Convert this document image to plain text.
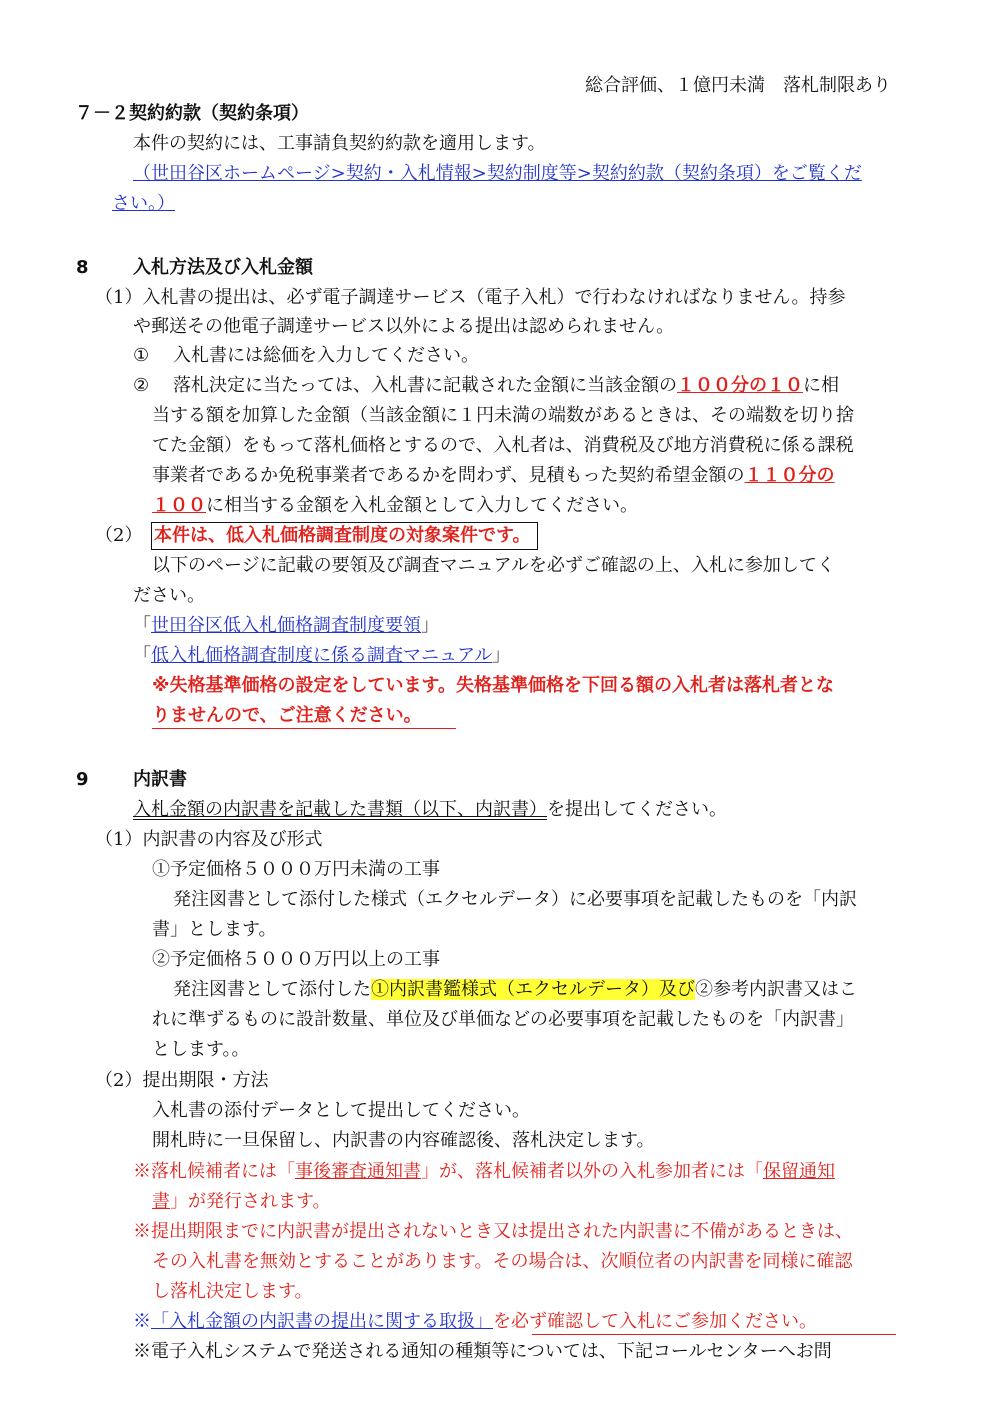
総合評価、１億円未満　落札制限あり
７－２契約約款（契約条項）
本件の契約には、工事請負契約約款を適用します。
（世田谷区ホームページ>契約・入札情報>契約制度等>契約約款（契約条項）をご覧くだ
さい。）
8 入札方法及び入札金額
（1）入札書の提出は、必ず電子調達サービス（電子入札）で行わなければなりません。持参
や郵送その他電子調達サービス以外による提出は認められません。
① 入札書には総価を入力してください。
② 落札決定に当たっては、入札書に記載された金額に当該金額の１００分の１０に相
当する額を加算した金額（当該金額に１円未満の端数があるときは、その端数を切り捨
てた金額）をもって落札価格とするので、入札者は、消費税及び地方消費税に係る課税
事業者であるか免税事業者であるかを問わず、見積もった契約希望金額の１１０分の
１００に相当する金額を入札金額として入力してください。
（2） 本件は、低入札価格調査制度の対象案件です。
以下のページに記載の要領及び調査マニュアルを必ずご確認の上、入札に参加してく
ださい。
「世田谷区低入札価格調査制度要領」
「低入札価格調査制度に係る調査マニュアル」
※失格基準価格の設定をしています。失格基準価格を下回る額の入札者は落札者とな
りませんので、ご注意ください。
9 内訳書
入札金額の内訳書を記載した書類（以下、内訳書）を提出してください。
（1）内訳書の内容及び形式
①予定価格５０００万円未満の工事
発注図書として添付した様式（エクセルデータ）に必要事項を記載したものを「内訳
書」とします。
②予定価格５０００万円以上の工事
発注図書として添付した①内訳書鑑様式（エクセルデータ）及び②参考内訳書又はこ
れに準ずるものに設計数量、単位及び単価などの必要事項を記載したものを「内訳書」
とします。。
（2）提出期限・方法
入札書の添付データとして提出してください。
開札時に一旦保留し、内訳書の内容確認後、落札決定します。
※落札候補者には「事後審査通知書」が、落札候補者以外の入札参加者には「保留通知
書」が発行されます。
※提出期限までに内訳書が提出されないとき又は提出された内訳書に不備があるときは、
その入札書を無効とすることがあります。その場合は、次順位者の内訳書を同様に確認
し落札決定します。
※「入札金額の内訳書の提出に関する取扱」を必ず確認して入札にご参加ください。
※電子入札システムで発送される通知の種類等については、下記コールセンターへお問
